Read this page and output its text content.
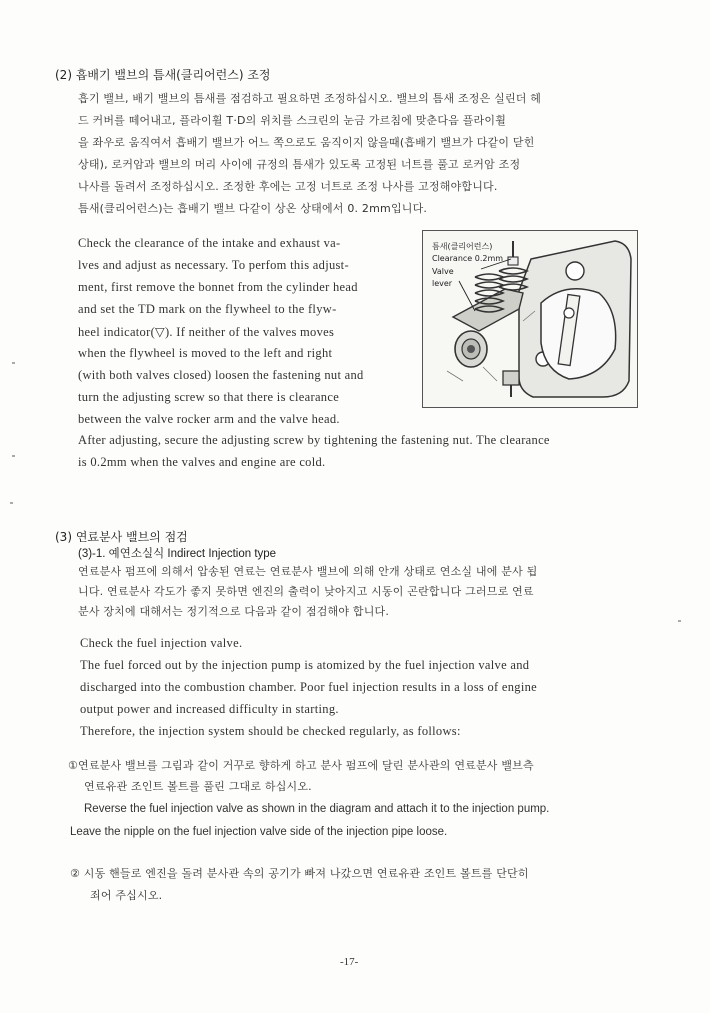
(2) 흡배기 밸브의 틈새(클리어런스) 조정
흡기 밸브, 배기 밸브의 틈새를 점검하고 필요하면 조정하십시오. 밸브의 틈새 조정은 실린더 헤
드 커버를 떼어내고, 플라이휠 T·D의 위치를 스크린의 눈금 가르침에 맞춘다음 플라이휠
을 좌우로 움직여서 흡배기 밸브가 어느 쪽으로도 움직이지 않을때(흡배기 밸브가 다같이 닫힌
상태), 로커암과 밸브의 머리 사이에 규정의 틈새가 있도록 고정된 너트를 풀고 로커암 조정
나사를 돌려서 조정하십시오. 조정한 후에는 고정 너트로 조정 나사를 고정해야합니다.
틈새(클리어런스)는 흡배기 밸브 다같이 상온 상태에서 0. 2mm입니다.
Check the clearance of the intake and exhaust va-
lves and adjust as necessary. To perfom this adjust-
ment, first remove the bonnet from the cylinder head
and set the TD mark on the flywheel to the flyw-
heel indicator(▽). If neither of the valves moves
when the flywheel is moved to the left and right
(with both valves closed) loosen the fastening nut and
turn the adjusting screw so that there is clearance
between the valve rocker arm and the valve head.
After adjusting, secure the adjusting screw by tightening the fastening nut. The clearance
is 0.2mm when the valves and engine are cold.
틈새(클리어런스)
Clearance 0.2mm
Valve
lever
(3) 연료분사 밸브의 점검
(3)-1. 예연소실식 Indirect Injection type
연료분사 펌프에 의해서 압송된 연료는 연료분사 밸브에 의해 안개 상태로 연소실 내에 분사 됩
니다. 연료분사 각도가 좋지 못하면 엔진의 출력이 낮아지고 시동이 곤란합니다 그러므로 연료
분사 장치에 대해서는 정기적으로 다음과 같이 점검해야 합니다.
Check the fuel injection valve.
The fuel forced out by the injection pump is atomized by the fuel injection valve and
discharged into the combustion chamber. Poor fuel injection results in a loss of engine
output power and increased difficulty in starting.
Therefore, the injection system should be checked regularly, as follows:
①연료분사 밸브를 그림과 같이 거꾸로 향하게 하고 분사 펌프에 달린 분사관의 연료분사 밸브측
연료유관 조인트 볼트를 풀린 그대로 하십시오.
Reverse the fuel injection valve as shown in the diagram and attach it to the injection pump.
Leave the nipple on the fuel injection valve side of the injection pipe loose.
② 시동 핸들로 엔진을 돌려 분사관 속의 공기가 빠져 나갔으면 연료유관 조인트 볼트를 단단히
죄어 주십시오.
-17-
